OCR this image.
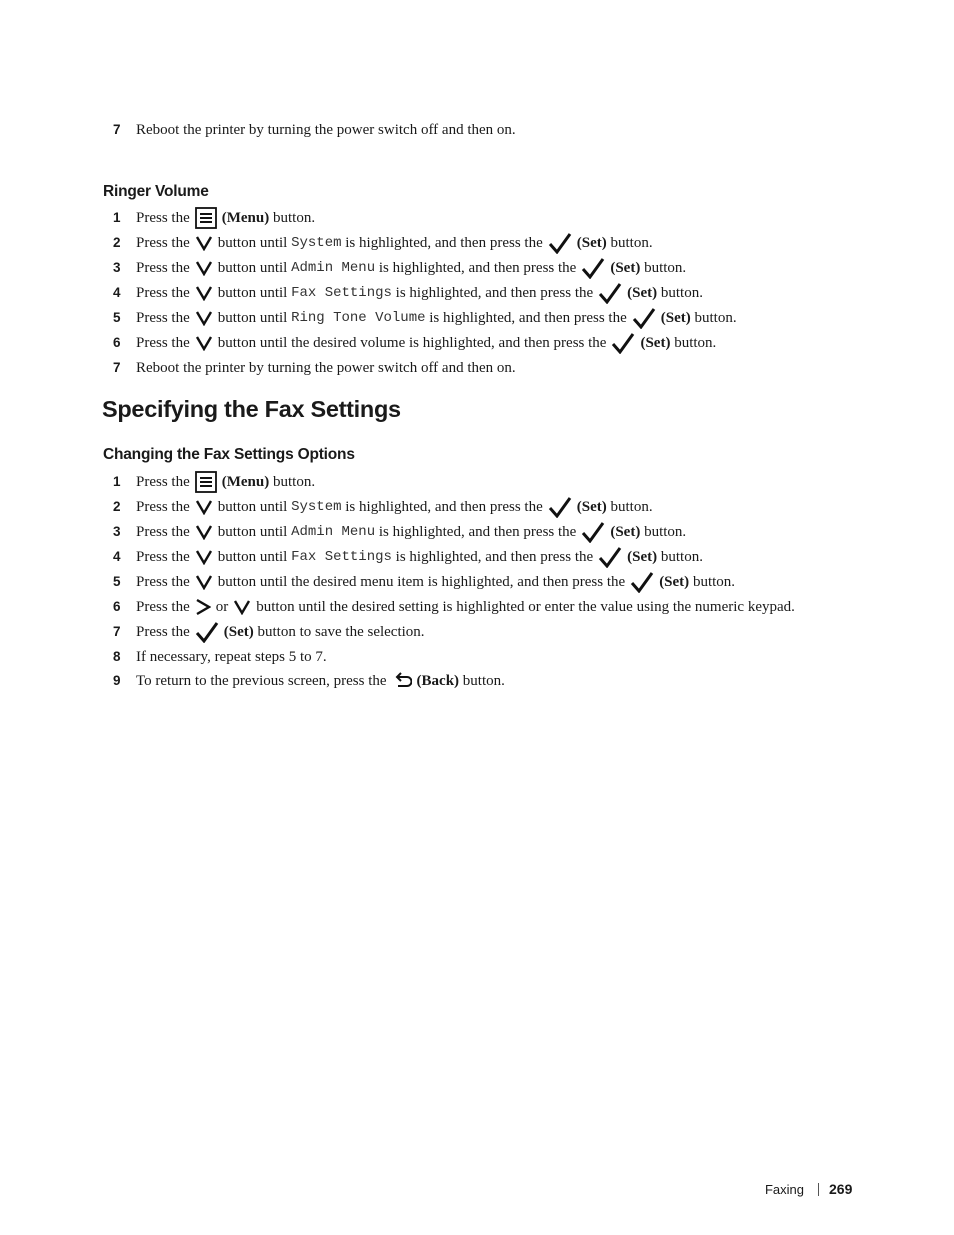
7 Reboot the printer by turning the power switch off and then on.
Ringer Volume
1 Press the (Menu)
button.
2 Press the button until
System
is highlighted, and then press the (Set)
button.
3 Press the button until
Admin Menu
is highlighted, and then press the (Set)
button.
4 Press the button until
Fax Settings
is highlighted, and then press the (Set)
button.
5 Press the button until
Ring Tone Volume
is highlighted, and then press the (Set)
button.
6 Press the button until the desired volume is highlighted, and then press the (Set)
button.
7 Reboot the printer by turning the power switch off and then on.
Specifying the Fax Settings
Changing the Fax Settings Options
1 Press the (Menu)
button.
2 Press the button until
System
is highlighted, and then press the (Set)
button.
3 Press the button until
Admin Menu
is highlighted, and then press the (Set)
button.
4 Press the button until
Fax Settings
is highlighted, and then press the (Set)
button.
5 Press the button until the desired menu item is highlighted, and then press the (Set)
button.
6 Press the or button until the desired setting is highlighted or enter the value using the numeric keypad.
7 Press the (Set)
button to save the selection.
8 If necessary, repeat steps 5 to 7.
9 To return to the previous screen, press the (Back)
button.
Faxing 269
